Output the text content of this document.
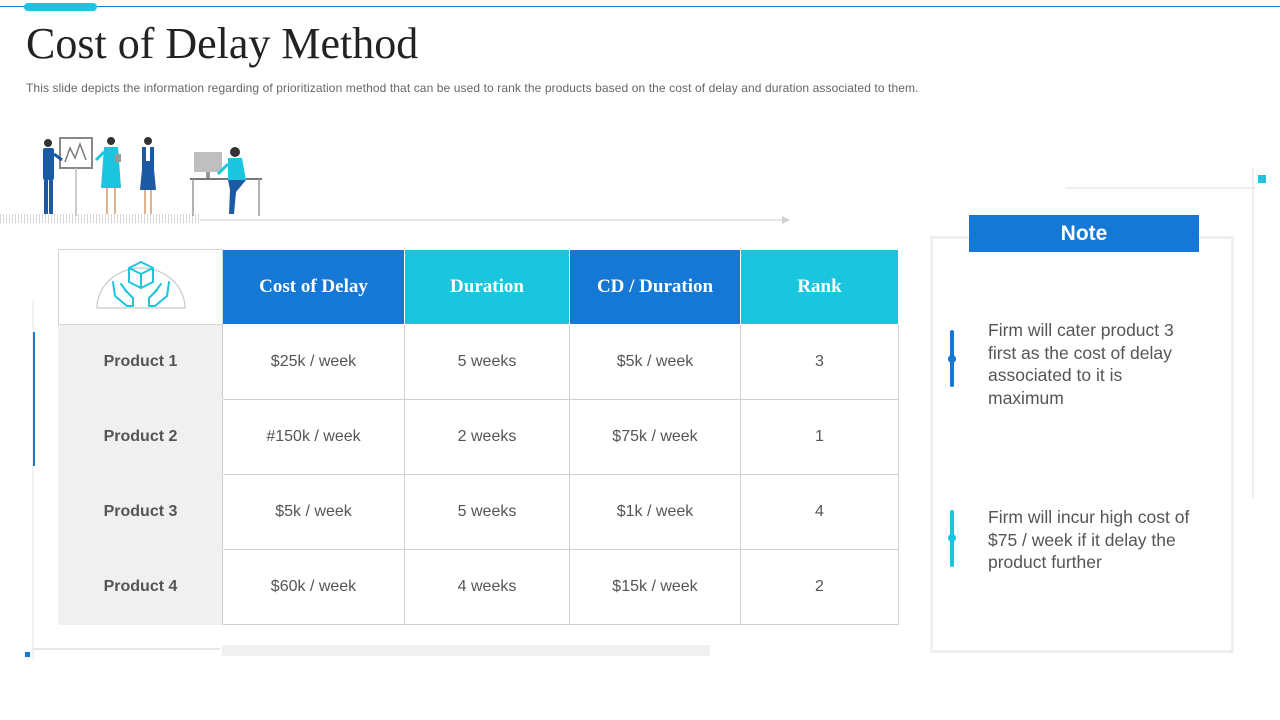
Cost of Delay Method

This slide depicts the information regarding of prioritization method that can be used to rank the products based on the cost of delay and duration associated to them.

	Cost of Delay	Duration	CD / Duration	Rank
Product 1	$25k / week	5 weeks	$5k / week	3
Product 2	#150k / week	2 weeks	$75k / week	1
Product 3	$5k / week	5 weeks	$1k / week	4
Product 4	$60k / week	4 weeks	$15k / week	2
Note
Firm will cater product 3 first as the cost of delay associated to it is maximum
Firm will incur high cost of $75 / week if it delay the product further
